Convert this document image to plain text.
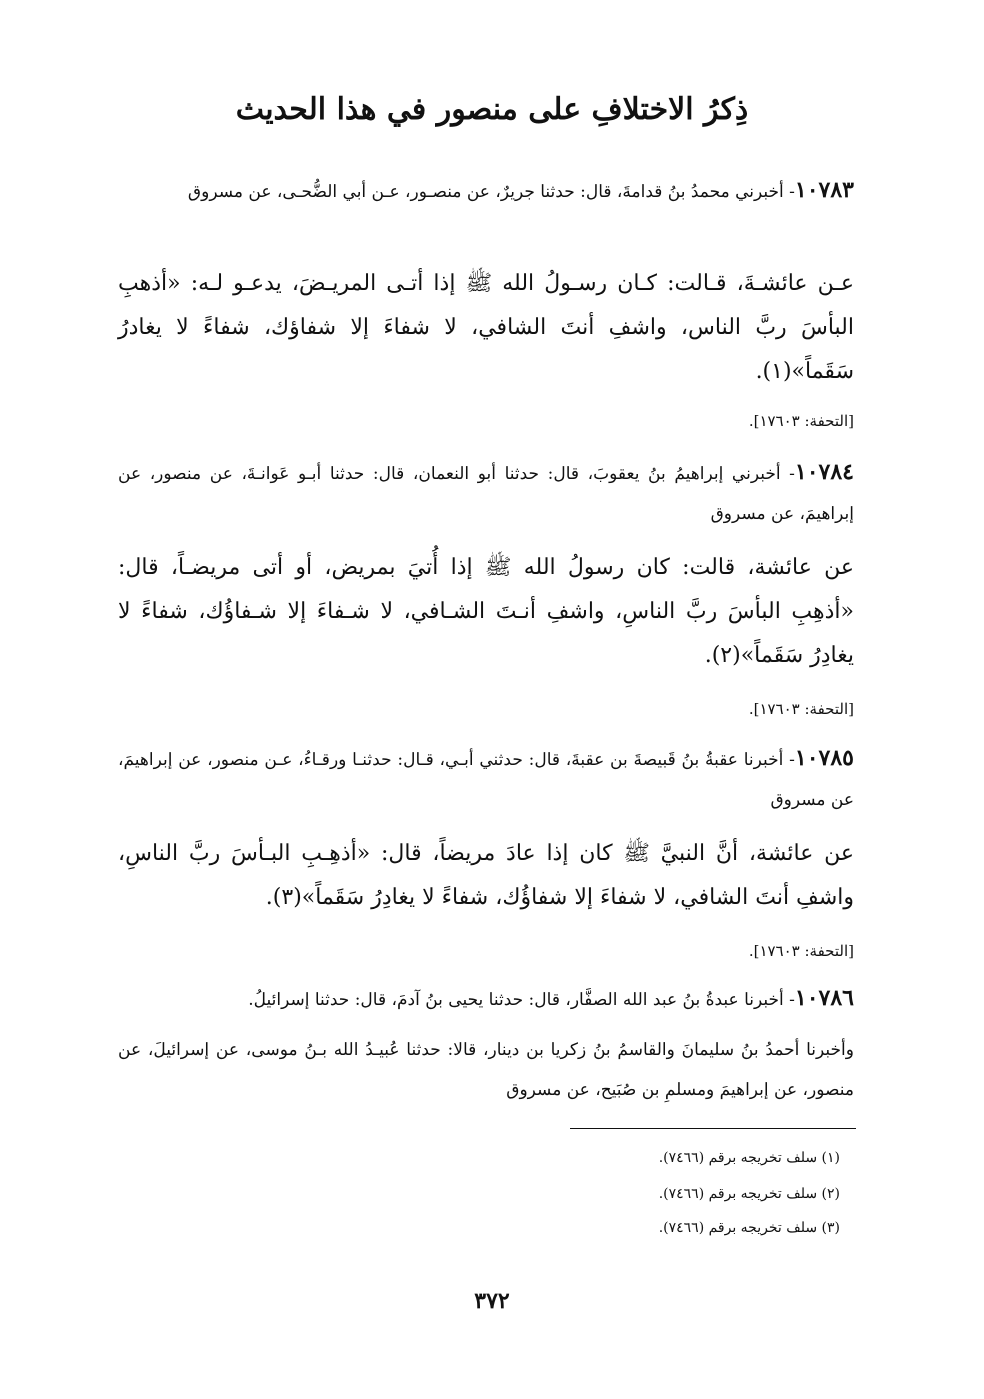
ذِكرُ الاختلافِ على منصور في هذا الحديث
١٠٧٨٣- أخبرني محمدُ بنُ قدامةَ، قال: حدثنا جريرٌ، عن منصـور، عـن أبي الضُّحـى، عن مسروق
عـن عائشـةَ، قـالت: كـان رسـولُ الله ﷺ إذا أتـى المريـضَ، يدعـو لـه: «أذهبِ البأسَ ربَّ الناس، واشفِ أنتَ الشافي، لا شفاءَ إلا شفاؤك، شفاءً لا يغادرُ سَقَماً»(١).
[التحفة: ١٧٦٠٣].
١٠٧٨٤- أخبرني إبراهيمُ بنُ يعقوبَ، قال: حدثنا أبو النعمان، قال: حدثنا أبـو عَوانـةَ، عن منصور، عن إبراهيمَ، عن مسروق
عن عائشة، قالت: كان رسولُ الله ﷺ إذا أُتيَ بمريض، أو أتى مريضـاً، قال: «أذهِبِ البأسَ ربَّ الناسِ، واشفِ أنـتَ الشـافي، لا شـفاءَ إلا شـفاؤُك، شفاءً لا يغادِرُ سَقَماً»(٢).
[التحفة: ١٧٦٠٣].
١٠٧٨٥- أخبرنا عقبةُ بنُ قَبيصةَ بن عقبةَ، قال: حدثني أبـي، قـال: حدثنـا ورقـاءُ، عـن منصور، عن إبراهيمَ، عن مسروق
عن عائشة، أنَّ النبيَّ ﷺ كان إذا عادَ مريضاً، قال: «أذهِـبِ البـأسَ ربَّ الناسِ، واشفِ أنتَ الشافي، لا شفاءَ إلا شفاؤُك، شفاءً لا يغادِرُ سَقَماً»(٣).
[التحفة: ١٧٦٠٣].
١٠٧٨٦- أخبرنا عبدةُ بنُ عبد الله الصفَّار، قال: حدثنا يحيى بنُ آدمَ، قال: حدثنا إسرائيلُ.
وأخبرنا أحمدُ بنُ سليمانَ والقاسمُ بنُ زكريا بن دينار، قالا: حدثنا عُبيـدُ الله بـنُ موسى، عن إسرائيلَ، عن منصور، عن إبراهيمَ ومسلمِ بن صُبَيح، عن مسروق
(١) سلف تخريجه برقم (٧٤٦٦).
(٢) سلف تخريجه برقم (٧٤٦٦).
(٣) سلف تخريجه برقم (٧٤٦٦).
٣٧٢
